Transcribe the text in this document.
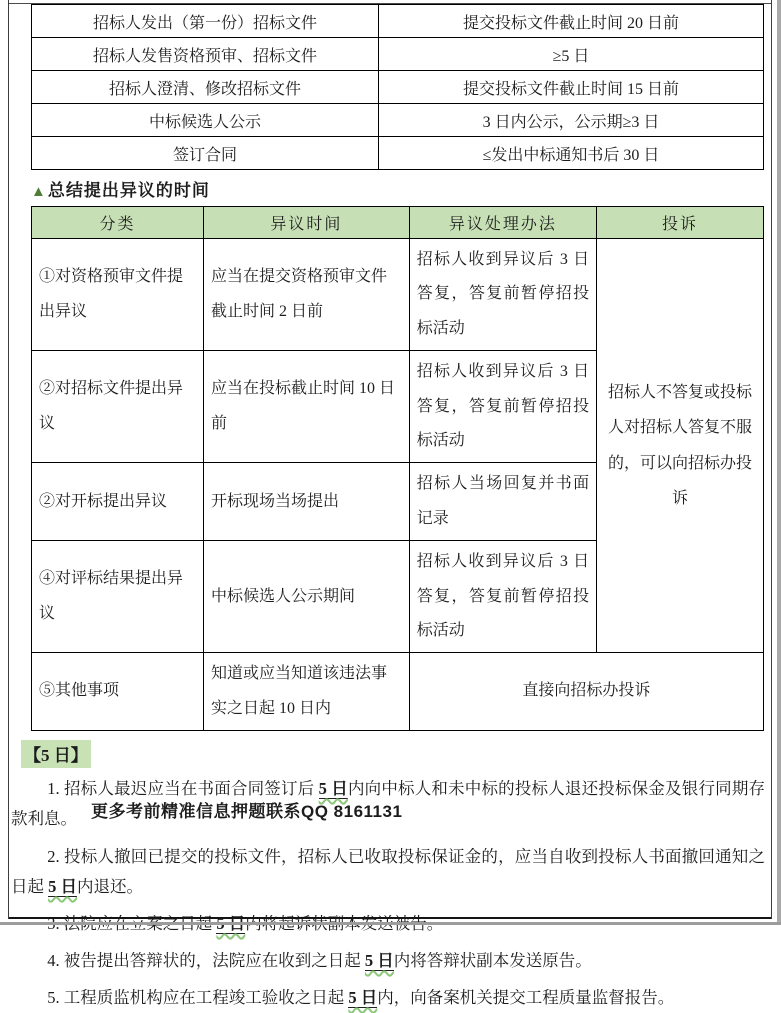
招标人发出（第一份）招标文件	提交投标文件截止时间 20 日前
招标人发售资格预审、招标文件	≥5 日
招标人澄清、修改招标文件	提交投标文件截止时间 15 日前
中标候选人公示	3 日内公示，公示期≥3 日
签订合同	≤发出中标通知书后 30 日
▲总结提出异议的时间
分类	异议时间	异议处理办法	投诉
①对资格预审文件提出异议	应当在提交资格预审文件截止时间 2 日前	招标人收到异议后 3 日答复，答复前暂停招投标活动	招标人不答复或投标人对招标人答复不服的，可以向招标办投诉
②对招标文件提出异议	应当在投标截止时间 10 日前	招标人收到异议后 3 日答复，答复前暂停招投标活动	
②对开标提出异议	开标现场当场提出	招标人当场回复并书面记录	
④对评标结果提出异议	中标候选人公示期间	招标人收到异议后 3 日答复，答复前暂停招投标活动	
⑤其他事项	知道或应当知道该违法事实之日起 10 日内	直接向招标办投诉	
【5 日】

1. 招标人最迟应当在书面合同签订后 5 日内向中标人和未中标的投标人退还投标保金及银行同期存款利息。 更多考前精准信息押题联系QQ 8161131

2. 投标人撤回已提交的投标文件，招标人已收取投标保证金的，应当自收到投标人书面撤回通知之日起 5 日内退还。

4. 被告提出答辩状的，法院应在收到之日起 5 日内将答辩状副本发送原告。

5. 工程质监机构应在工程竣工验收之日起 5 日内，向备案机关提交工程质量监督报告。
